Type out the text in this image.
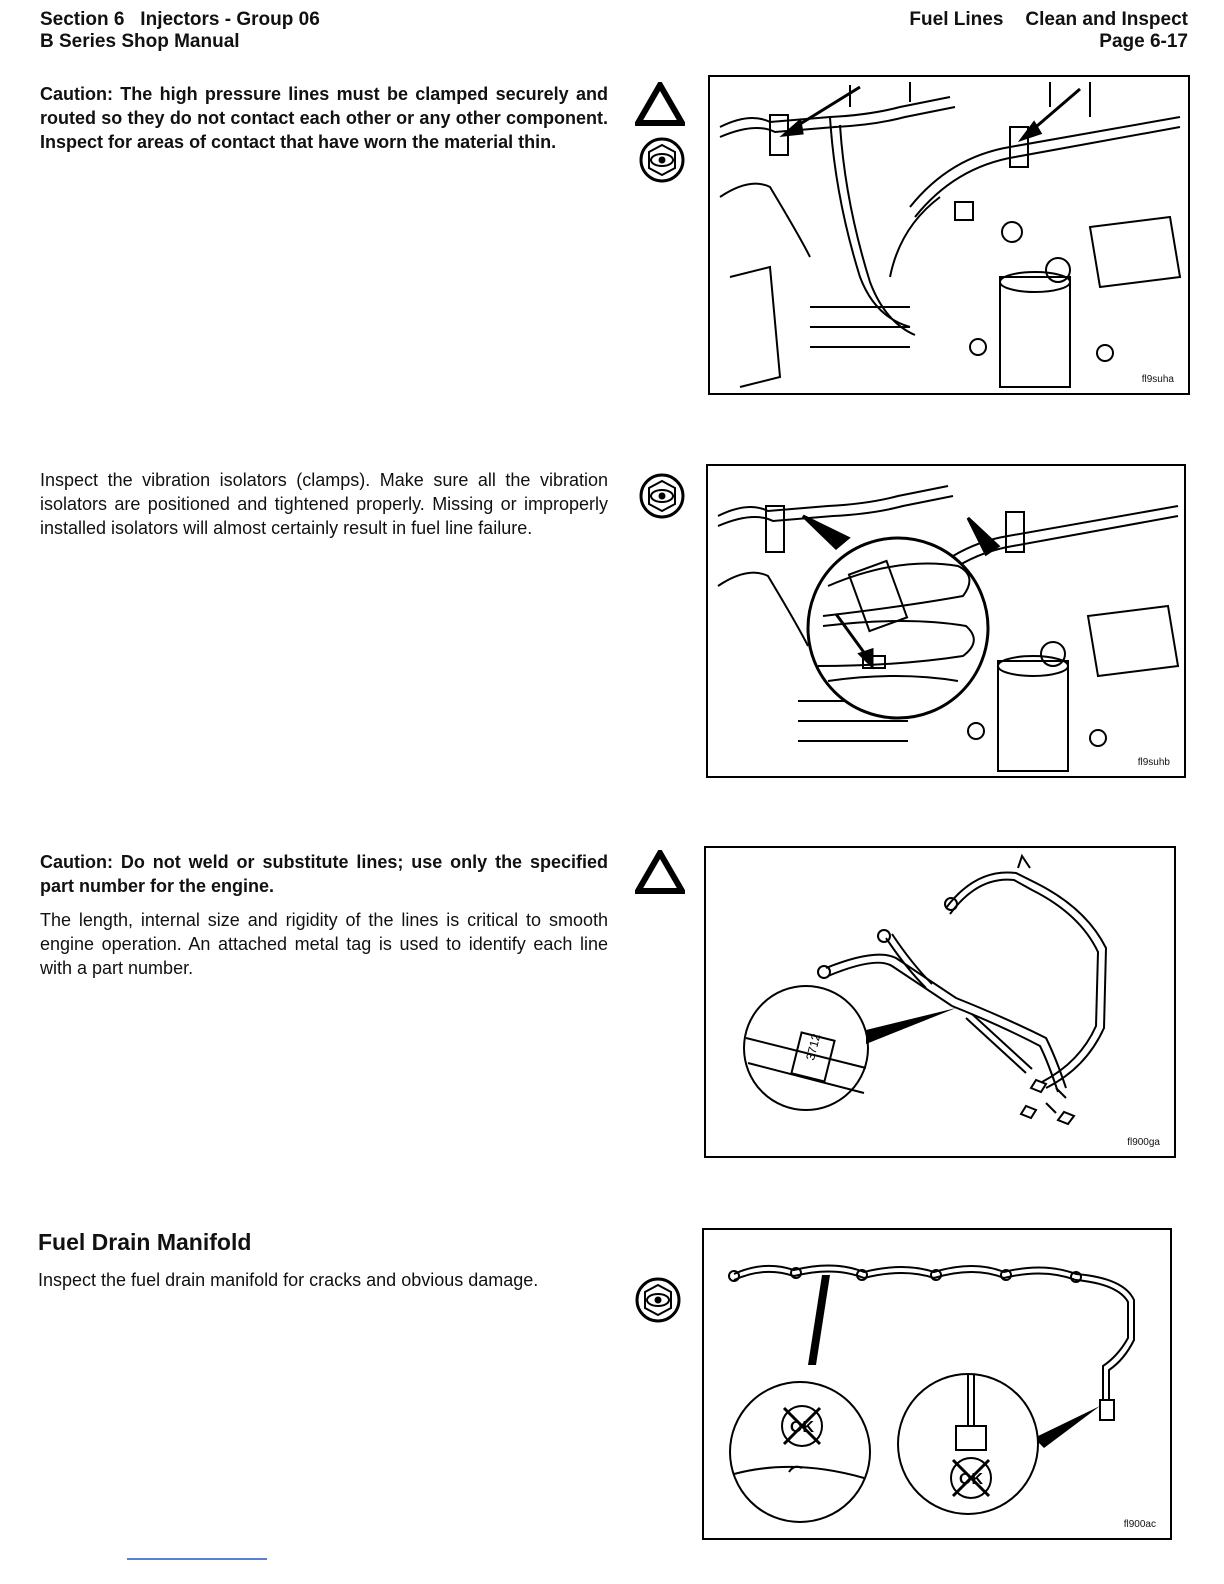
Section 6   Injectors - Group 06
B Series Shop Manual
Fuel Lines Clean and Inspect
Page 6-17

Caution: The high pressure lines must be clamped securely and routed so they do not contact each other or any other component. Inspect for areas of contact that have worn the material thin.

fl9suha

Inspect the vibration isolators (clamps). Make sure all the vibration isolators are positioned and tightened properly. Missing or improperly installed isolators will almost certainly result in fuel line failure.

fl9suhb

Caution: Do not weld or substitute lines; use only the specified part number for the engine.

The length, internal size and rigidity of the lines is critical to smooth engine operation. An attached metal tag is used to identify each line with a part number.

3712
fl900ga
Fuel Drain Manifold

Inspect the fuel drain manifold for cracks and obvious damage.

OK
OK
fl900ac
